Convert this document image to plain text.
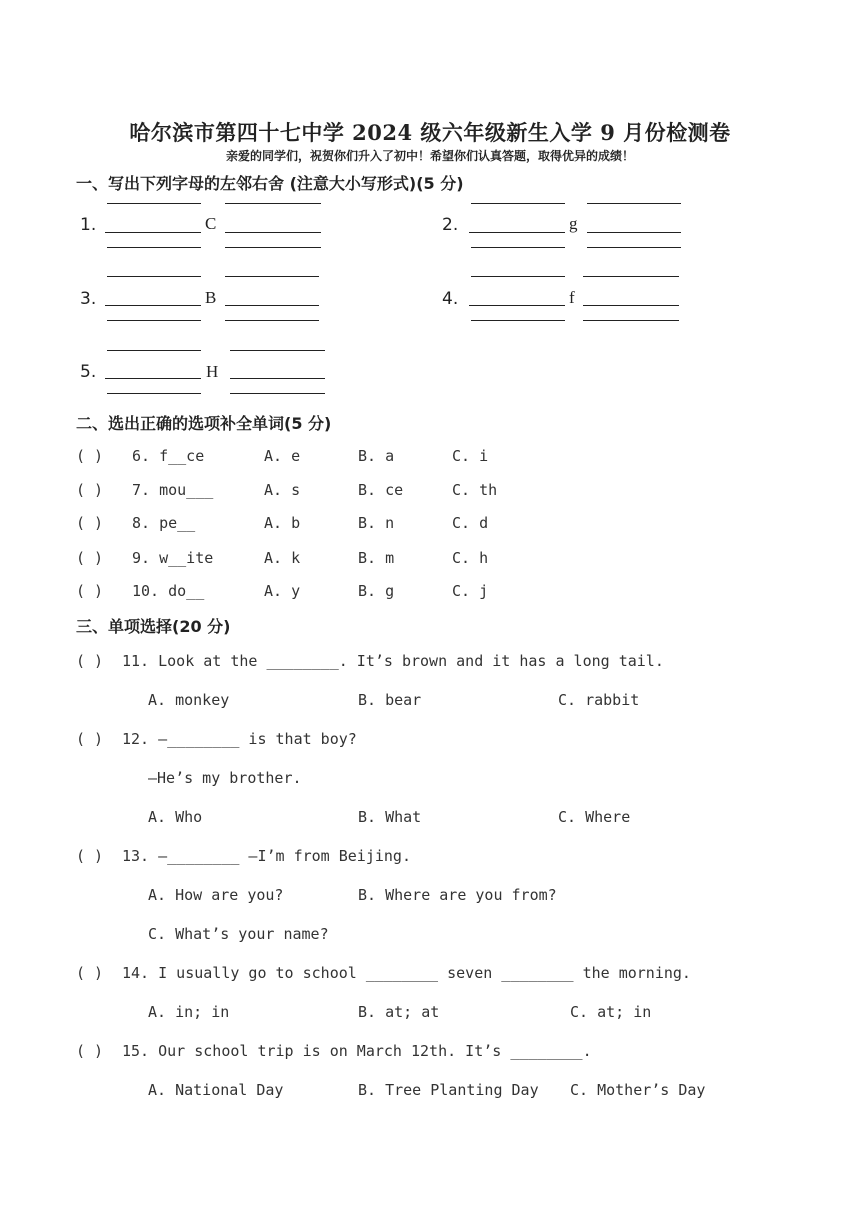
哈尔滨市第四十七中学 2024 级六年级新生入学 9 月份检测卷
亲爱的同学们，祝贺你们升入了初中！希望你们认真答题，取得优异的成绩！
一、写出下列字母的左邻右舍 (注意大小写形式)(5 分)
1.	C	2.	g
3.	B	4.	f
5.	H
二、选出正确的选项补全单词(5 分)
( ) 6. f__ce	A. e	B. a	C. i
( ) 7. mou___	A. s	B. ce	C. th
( ) 8. pe__	A. b	B. n	C. d
( ) 9. w__ite	A. k	B. m	C. h
( ) 10. do__	A. y	B. g	C. j
三、单项选择(20 分)
( ) 11. Look at the ________. It’s brown and it has a long tail.
A. monkey	B. bear	C. rabbit
( ) 12. —________ is that boy?
—He’s my brother.
A. Who	B. What	C. Where
( ) 13. —________ —I’m from Beijing.
A. How are you?	B. Where are you from?
C. What’s your name?
( ) 14. I usually go to school ________ seven ________ the morning.
A. in; in	B. at; at	C. at; in
( ) 15. Our school trip is on March 12th. It’s ________.
A. National Day	B. Tree Planting Day C. Mother’s Day
